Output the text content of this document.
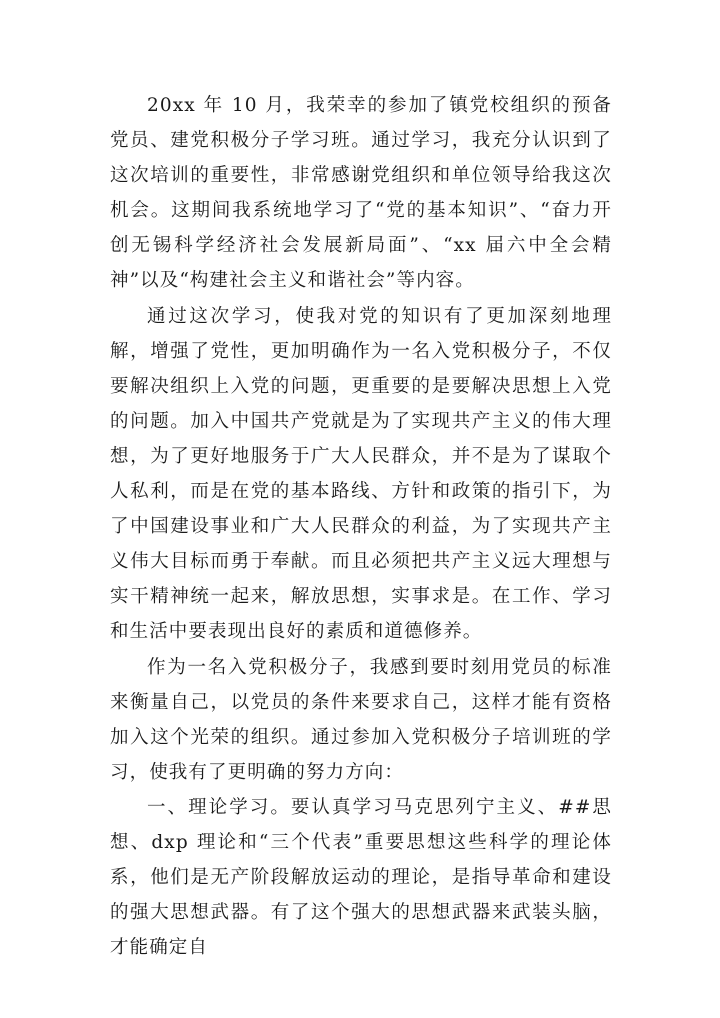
20xx 年 10 月，我荣幸的参加了镇党校组织的预备党员、建党积极分子学习班。通过学习，我充分认识到了这次培训的重要性，非常感谢党组织和单位领导给我这次机会。这期间我系统地学习了“党的基本知识”、“奋力开创无锡科学经济社会发展新局面”、“xx 届六中全会精神”以及“构建社会主义和谐社会”等内容。

通过这次学习，使我对党的知识有了更加深刻地理解，增强了党性，更加明确作为一名入党积极分子，不仅要解决组织上入党的问题，更重要的是要解决思想上入党的问题。加入中国共产党就是为了实现共产主义的伟大理想，为了更好地服务于广大人民群众，并不是为了谋取个人私利，而是在党的基本路线、方针和政策的指引下，为了中国建设事业和广大人民群众的利益，为了实现共产主义伟大目标而勇于奉献。而且必须把共产主义远大理想与实干精神统一起来，解放思想，实事求是。在工作、学习和生活中要表现出良好的素质和道德修养。

作为一名入党积极分子，我感到要时刻用党员的标准来衡量自己，以党员的条件来要求自己，这样才能有资格加入这个光荣的组织。通过参加入党积极分子培训班的学习，使我有了更明确的努力方向：

一、理论学习。要认真学习马克思列宁主义、##思想、dxp 理论和“三个代表”重要思想这些科学的理论体系，他们是无产阶段解放运动的理论，是指导革命和建设的强大思想武器。有了这个强大的思想武器来武装头脑，才能确定自
